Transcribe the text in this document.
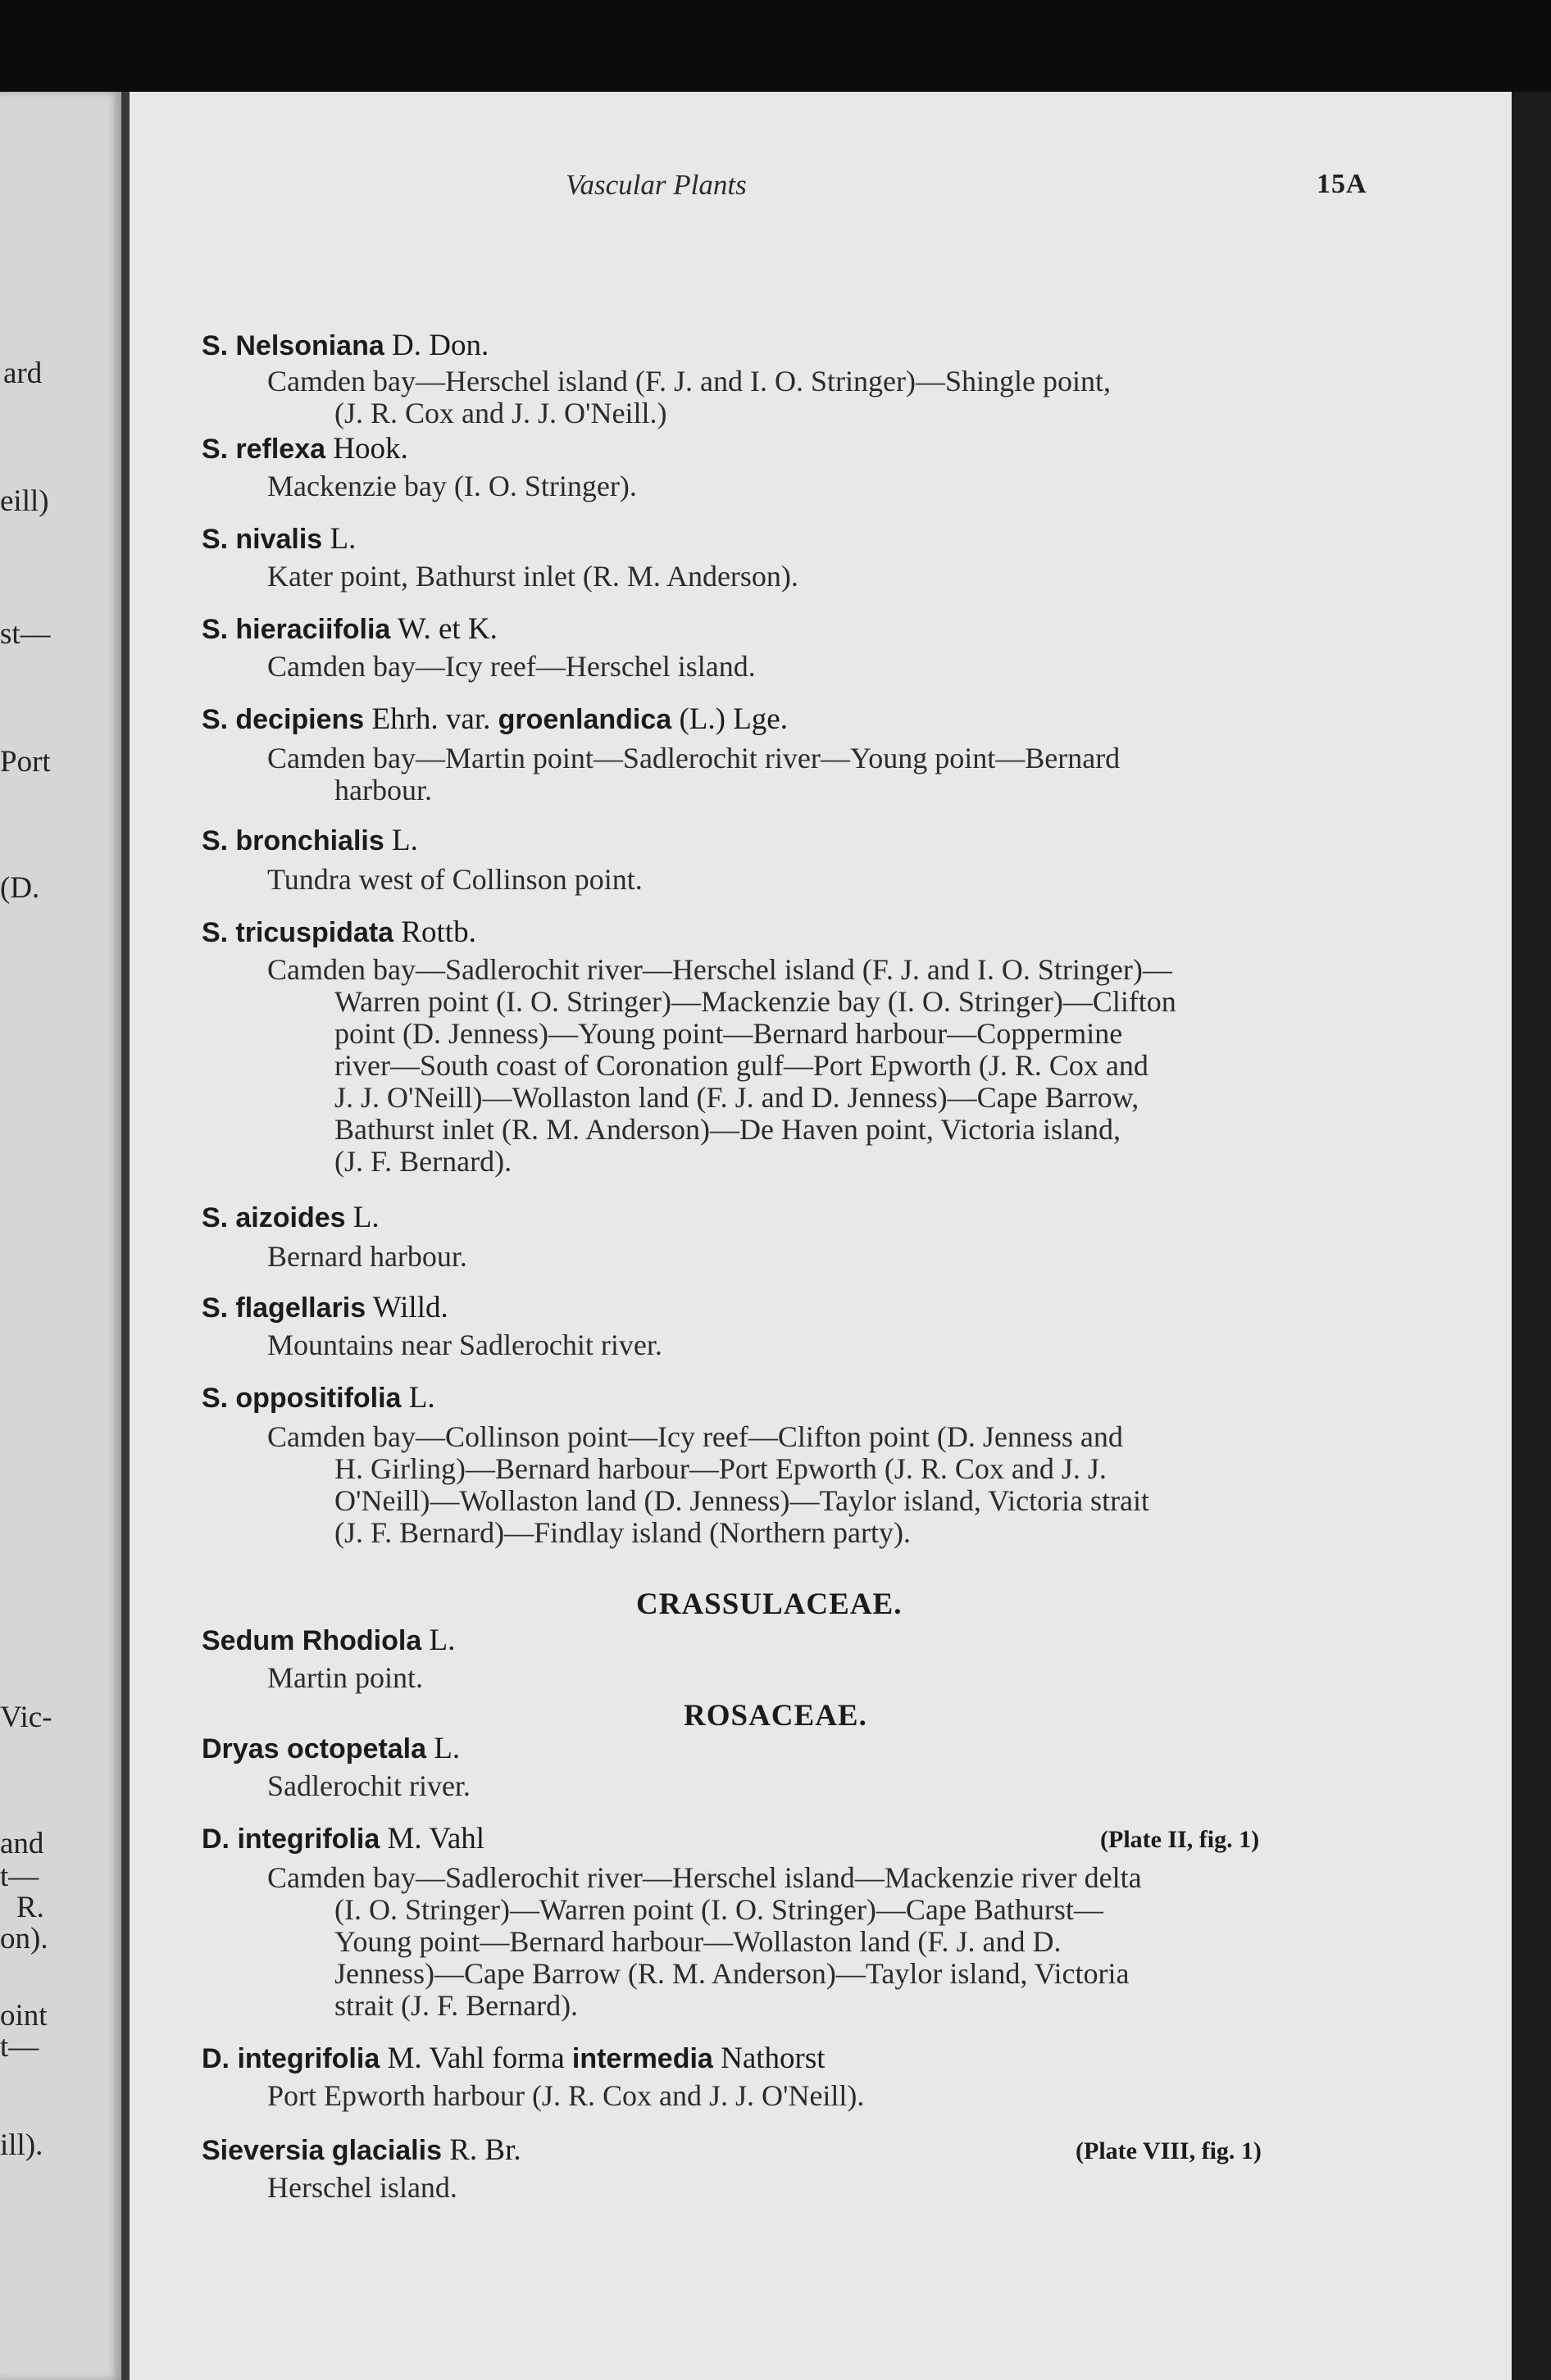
ard
eill)
st—
Port
(D.
Vic-
and
t—
R.
on).
oint
t—
ill).
Vascular Plants	15A
S. Nelsoniana D. Don.
Camden bay—Herschel island (F. J. and I. O. Stringer)—Shingle point,
(J. R. Cox and J. J. O'Neill.)
S. reflexa Hook.
Mackenzie bay (I. O. Stringer).
S. nivalis L.
Kater point, Bathurst inlet (R. M. Anderson).
S. hieraciifolia W. et K.
Camden bay—Icy reef—Herschel island.
S. decipiens Ehrh. var. groenlandica (L.) Lge.
Camden bay—Martin point—Sadlerochit river—Young point—Bernard
harbour.
S. bronchialis L.
Tundra west of Collinson point.
S. tricuspidata Rottb.
Camden bay—Sadlerochit river—Herschel island (F. J. and I. O. Stringer)—
Warren point (I. O. Stringer)—Mackenzie bay (I. O. Stringer)—Clifton
point (D. Jenness)—Young point—Bernard harbour—Coppermine
river—South coast of Coronation gulf—Port Epworth (J. R. Cox and
J. J. O'Neill)—Wollaston land (F. J. and D. Jenness)—Cape Barrow,
Bathurst inlet (R. M. Anderson)—De Haven point, Victoria island,
(J. F. Bernard).
S. aizoides L.
Bernard harbour.
S. flagellaris Willd.
Mountains near Sadlerochit river.
S. oppositifolia L.
Camden bay—Collinson point—Icy reef—Clifton point (D. Jenness and
H. Girling)—Bernard harbour—Port Epworth (J. R. Cox and J. J.
O'Neill)—Wollaston land (D. Jenness)—Taylor island, Victoria strait
(J. F. Bernard)—Findlay island (Northern party).
CRASSULACEAE.
Sedum Rhodiola L.
Martin point.
ROSACEAE.
Dryas octopetala L.
Sadlerochit river.
D. integrifolia M. Vahl	(Plate II, fig. 1)
Camden bay—Sadlerochit river—Herschel island—Mackenzie river delta
(I. O. Stringer)—Warren point (I. O. Stringer)—Cape Bathurst—
Young point—Bernard harbour—Wollaston land (F. J. and D.
Jenness)—Cape Barrow (R. M. Anderson)—Taylor island, Victoria
strait (J. F. Bernard).
D. integrifolia M. Vahl forma intermedia Nathorst
Port Epworth harbour (J. R. Cox and J. J. O'Neill).
Sieversia glacialis R. Br.	(Plate VIII, fig. 1)
Herschel island.
